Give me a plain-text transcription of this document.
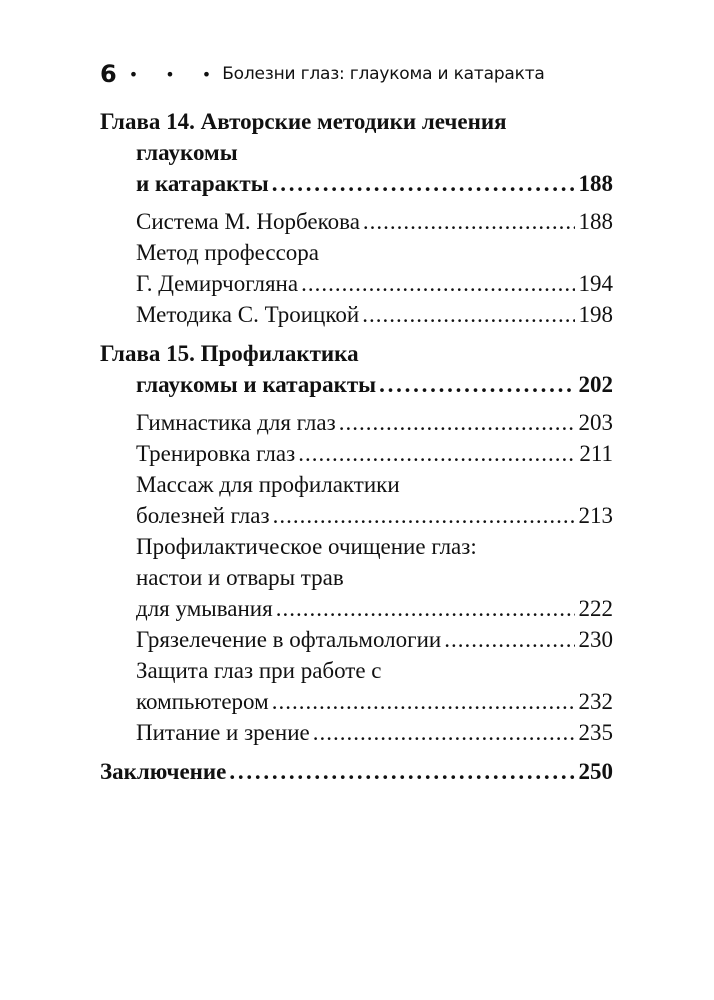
6 • • • Болезни глаз: глаукома и катаракта
Глава 14. Авторские методики лечения
глаукомы
и катаракты . .	188
Система М. Норбекова .....	188
Метод профессора
Г. Демирчогляна .....	194
Методика С. Троицкой .....	198
Глава 15. Профилактика
глаукомы и катаракты . .	202
Гимнастика для глаз .....	203
Тренировка глаз .....	211
Массаж для профилактики
болезней глаз .....	213
Профилактическое очищение глаз:
настои и отвары трав
для умывания .....	222
Грязелечение в офтальмологии .....	230
Защита глаз при работе с
компьютером .....	232
Питание и зрение .....	235
Заключение . .	250
